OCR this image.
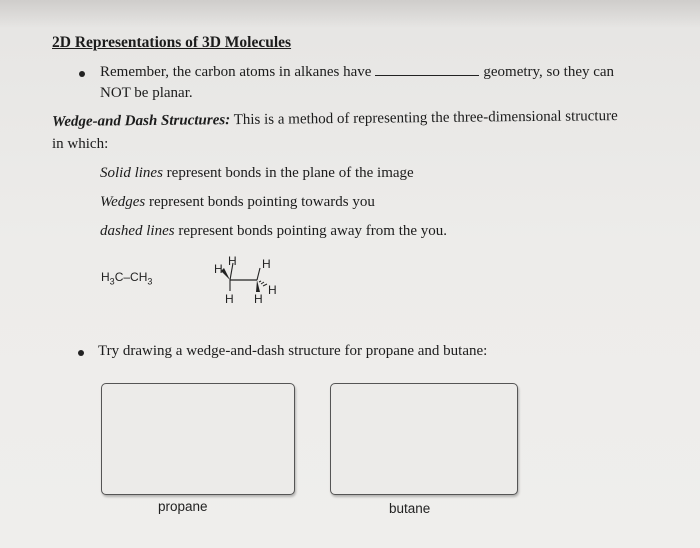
2D Representations of 3D Molecules
Remember, the carbon atoms in alkanes have	geometry, so they can
NOT be planar.
Wedge-and Dash Structures: This is a method of representing the three-dimensional structure
in which:
Solid lines represent bonds in the plane of the image
Wedges represent bonds pointing towards you
dashed lines represent bonds pointing away from the you.
$H_3C-CH_3$
H
H H
H
H H
Try drawing a wedge-and-dash structure for propane and butane:
propane	butane
